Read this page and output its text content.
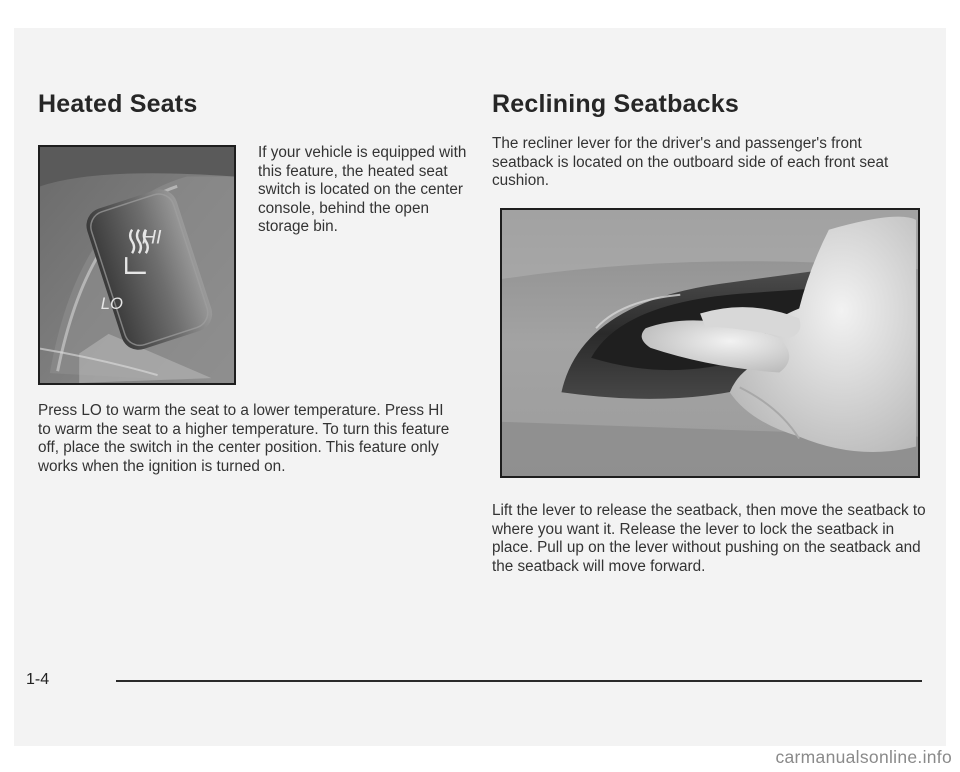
Heated Seats
HI
LO

If your vehicle is equipped with this feature, the heated seat switch is located on the center console, behind the open storage bin.

Press LO to warm the seat to a lower temperature. Press HI to warm the seat to a higher temperature. To turn this feature off, place the switch in the center position. This feature only works when the ignition is turned on.

Reclining Seatbacks

The recliner lever for the driver's and passenger's front seatback is located on the outboard side of each front seat cushion.

Lift the lever to release the seatback, then move the seatback to where you want it. Release the lever to lock the seatback in place. Pull up on the lever without pushing on the seatback and the seatback will move forward.

1-4
carmanualsonline.info
